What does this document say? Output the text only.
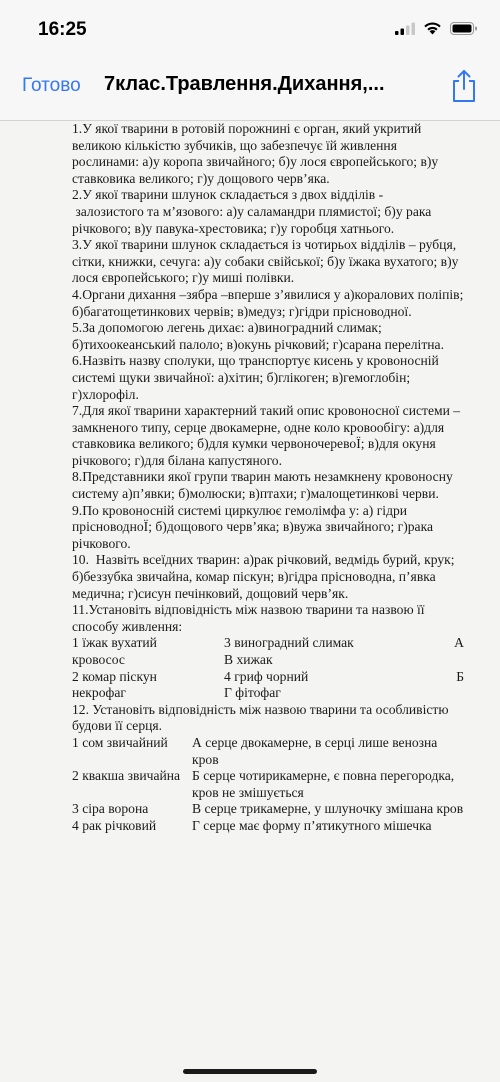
16:25
Готово 7клас.Травлення.Дихання,...

1.У якої тварини в ротовій порожнині є орган, який укритий великою кількістю зубчиків, що забезпечує їй живлення рослинами: а)у коропа звичайного; б)у лося європейського; в)у ставковика великого; г)у дощового черв’яка.

2.У якої тварини шлунок складається з двох відділів -
залозистого та м’язового: а)у саламандри плямистої; б)у рака річкового; в)у павука-хрестовика; г)у горобця хатнього.

3.У якої тварини шлунок складається із чотирьох відділів – рубця, сітки, книжки, сечуга: а)у собаки свійської; б)у їжака вухатого; в)у лося європейського; г)у миші полівки.

4.Органи дихання –зябра –вперше з’явилися у а)коралових поліпів; б)багатощетинкових червів; в)медуз; г)гідри прісноводної.

5.За допомогою легень дихає: а)виноградний слимак; б)тихоокеанський палоло; в)окунь річковий; г)сарана перелітна.

6.Назвіть назву сполуки, що транспортує кисень у кровоносній системі щуки звичайної: а)хітин; б)глікоген; в)гемоглобін; г)хлорофіл.

7.Для якої тварини характерний такий опис кровоносної системи – замкненого типу, серце двокамерне, одне коло кровообігу: а)для ставковика великого; б)для кумки червоночеревоЇ; в)для окуня річкового; г)для білана капустяного.

8.Представники якої групи тварин мають незамкнену кровоносну систему а)п’явки; б)молюски; в)птахи; г)малощетинкові черви.

9.По кровоносній системі циркулює гемолімфа у: а) гідри прісноводноЇ; б)дощового черв’яка; в)вужа звичайного; г)рака річкового.

10.  Назвіть всеїдних тварин: а)рак річковий, ведмідь бурий, крук; б)беззубка звичайна, комар піскун; в)гідра прісноводна, п’явка медична; г)сисун печінковий, дощовий черв’як.

11.Установіть відповідність між назвою тварини та назвою її способу живлення:

1 їжак вухатий	3 виноградний слимак	А
кровосос	В хижак
2 комар піскун	4 гриф чорний	Б
некрофаг	Г фітофаг

12. Установіть відповідність між назвою тварини та особливістю будови її серця.

1 сом звичайний	А серце двокамерне, в серці лише венозна кров
2 квакша звичайна Б серце чотирикамерне, є повна перегородка, кров не змішується
3 сіра ворона	В серце трикамерне, у шлуночку змішана кров
4 рак річковий	Г серце має форму п’ятикутного мішечка
